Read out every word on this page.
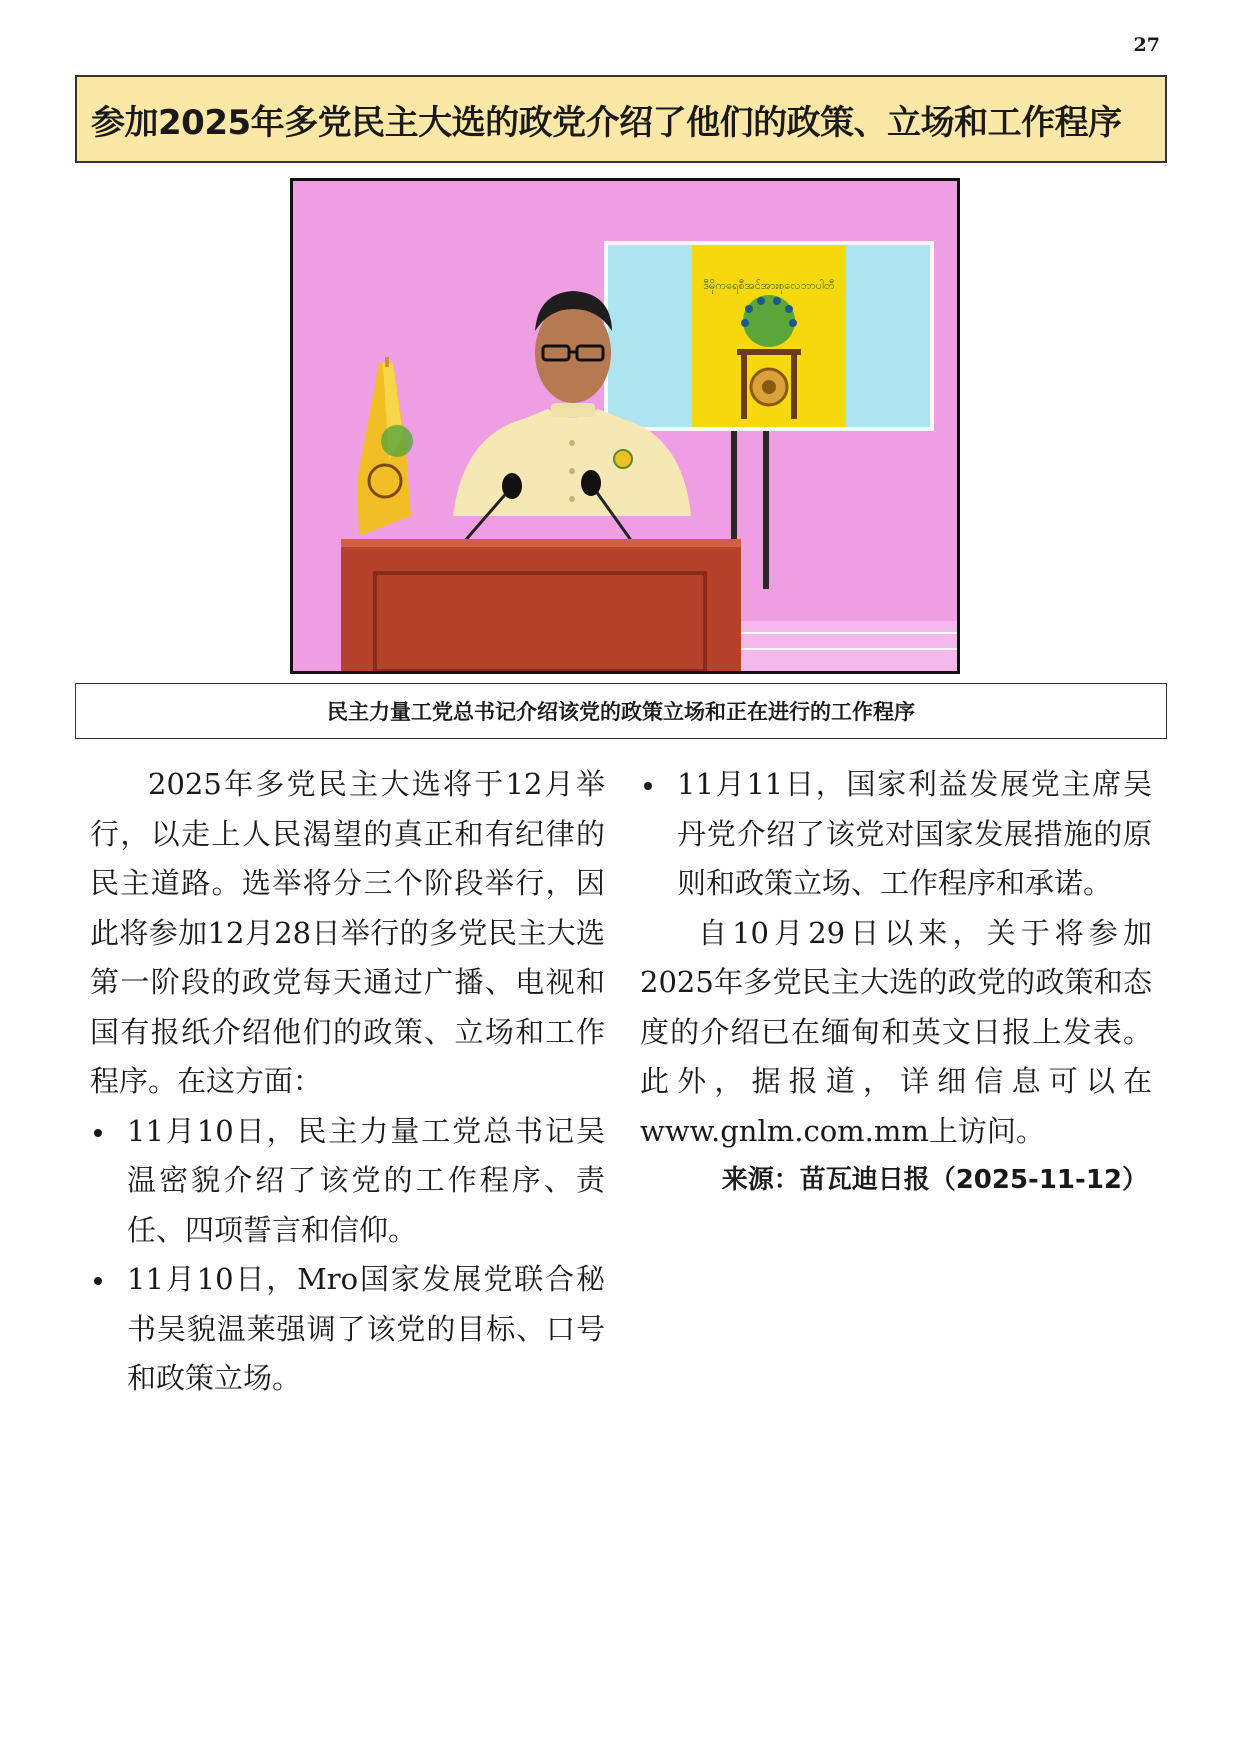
27
参加2025年多党民主大选的政党介绍了他们的政策、立场和工作程序
ဒီမိုကရေစီအင်အားစုလေဘာပါတီ
民主力量工党总书记介绍该党的政策立场和正在进行的工作程序

2025年多党民主大选将于12月举行，以走上人民渴望的真正和有纪律的民主道路。选举将分三个阶段举行，因此将参加12月28日举行的多党民主大选第一阶段的政党每天通过广播、电视和国有报纸介绍他们的政策、立场和工作程序。在这方面：

11月10日，民主力量工党总书记吴温密貌介绍了该党的工作程序、责任、四项誓言和信仰。

11月10日，Mro国家发展党联合秘书吴貌温莱强调了该党的目标、口号和政策立场。

11月11日，国家利益发展党主席吴丹党介绍了该党对国家发展措施的原则和政策立场、工作程序和承诺。

自10月29日以来，关于将参加2025年多党民主大选的政党的政策和态度的介绍已在缅甸和英文日报上发表。此外，据报道，详细信息可以在www.gnlm.com.mm上访问。

来源：苗瓦迪日报（2025-11-12）
